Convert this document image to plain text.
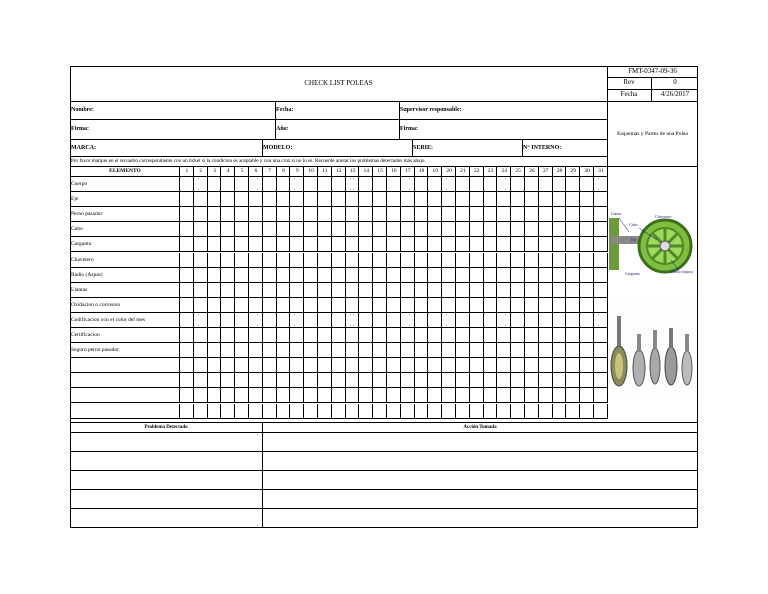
CHECK LIST POLEAS
FMT-0347-09-36
Rev	0
Fecha	4/26/2017
Nombre:	Fecha:	Supervisor responsable:
Firma:	Año:	Firma:
MARCA:	MODELO:	SERIE:	N° INTERNO:
Por favor marque en el recuadro correspondiente con un ticket si la condicion es aceptable y con una cruz si no lo es. Recuerde anotar los problemas detectados más abajo.
Esquemas y Partes de una Polea
ELEMENTO	1	2	3	4	5	6	7	8	9	10	11	12	13	14	15	16	17	18	19	20	21	22	23	24	25	26	27	28	29	30	31
Cuerpo
Eje
Perno pasador
Cubo
Garganta
Chavetero
Radio (Aspas)
Llantas
Oxidacion o corrosion
Codificacion con el color del mes
Certificacion
Seguro perno pasador
Llanta
Chavetero
Cubo
Eje
Garganta	Radio (aspas)
Problema Detectado	Acción Tomada
